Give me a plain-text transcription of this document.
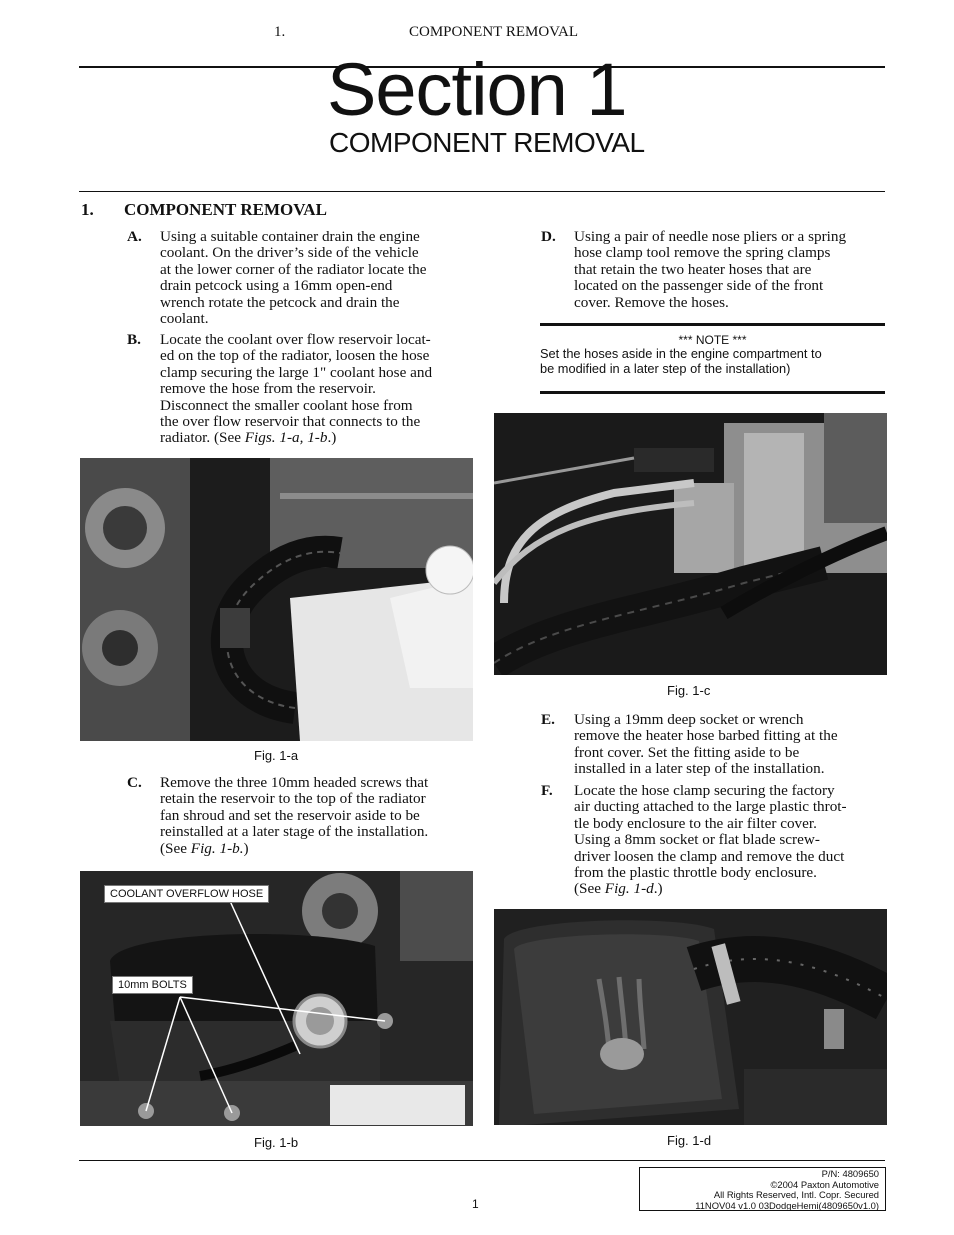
1.	COMPONENT REMOVAL
Section 1
COMPONENT REMOVAL
1. COMPONENT REMOVAL
A. Using a suitable container drain the engine
coolant. On the driver’s side of the vehicle
at the lower corner of the radiator locate the
drain petcock using a 16mm open-end
wrench rotate the petcock and drain the
coolant.
B. Locate the coolant over flow reservoir locat-
ed on the top of the radiator, loosen the hose
clamp securing the large 1" coolant hose and
remove the hose from the reservoir.
Disconnect the smaller coolant hose from
the over flow reservoir that connects to the
radiator. (See Figs. 1-a, 1-b.)
Fig. 1-a
C. Remove the three 10mm headed screws that
retain the reservoir to the top of the radiator
fan shroud and set the reservoir aside to be
reinstalled at a later stage of the installation.
(See Fig. 1-b.)
COOLANT OVERFLOW HOSE
10mm BOLTS
Fig. 1-b
D. Using a pair of needle nose pliers or a spring
hose clamp tool remove the spring clamps
that retain the two heater hoses that are
located on the passenger side of the front
cover. Remove the hoses.
*** NOTE ***
Set the hoses aside in the engine compartment to
be modified in a later step of the installation)
Fig. 1-c
E. Using a 19mm deep socket or wrench
remove the heater hose barbed fitting at the
front cover. Set the fitting aside to be
installed in a later step of the installation.
F. Locate the hose clamp securing the factory
air ducting attached to the large plastic throt-
tle body enclosure to the air filter cover.
Using a 8mm socket or flat blade screw-
driver loosen the clamp and remove the duct
from the plastic throttle body enclosure.
(See Fig. 1-d.)
Fig. 1-d
P/N: 4809650
©2004 Paxton Automotive
All Rights Reserved, Intl. Copr. Secured
11NOV04 v1.0 03DodgeHemi(4809650v1.0)
1
